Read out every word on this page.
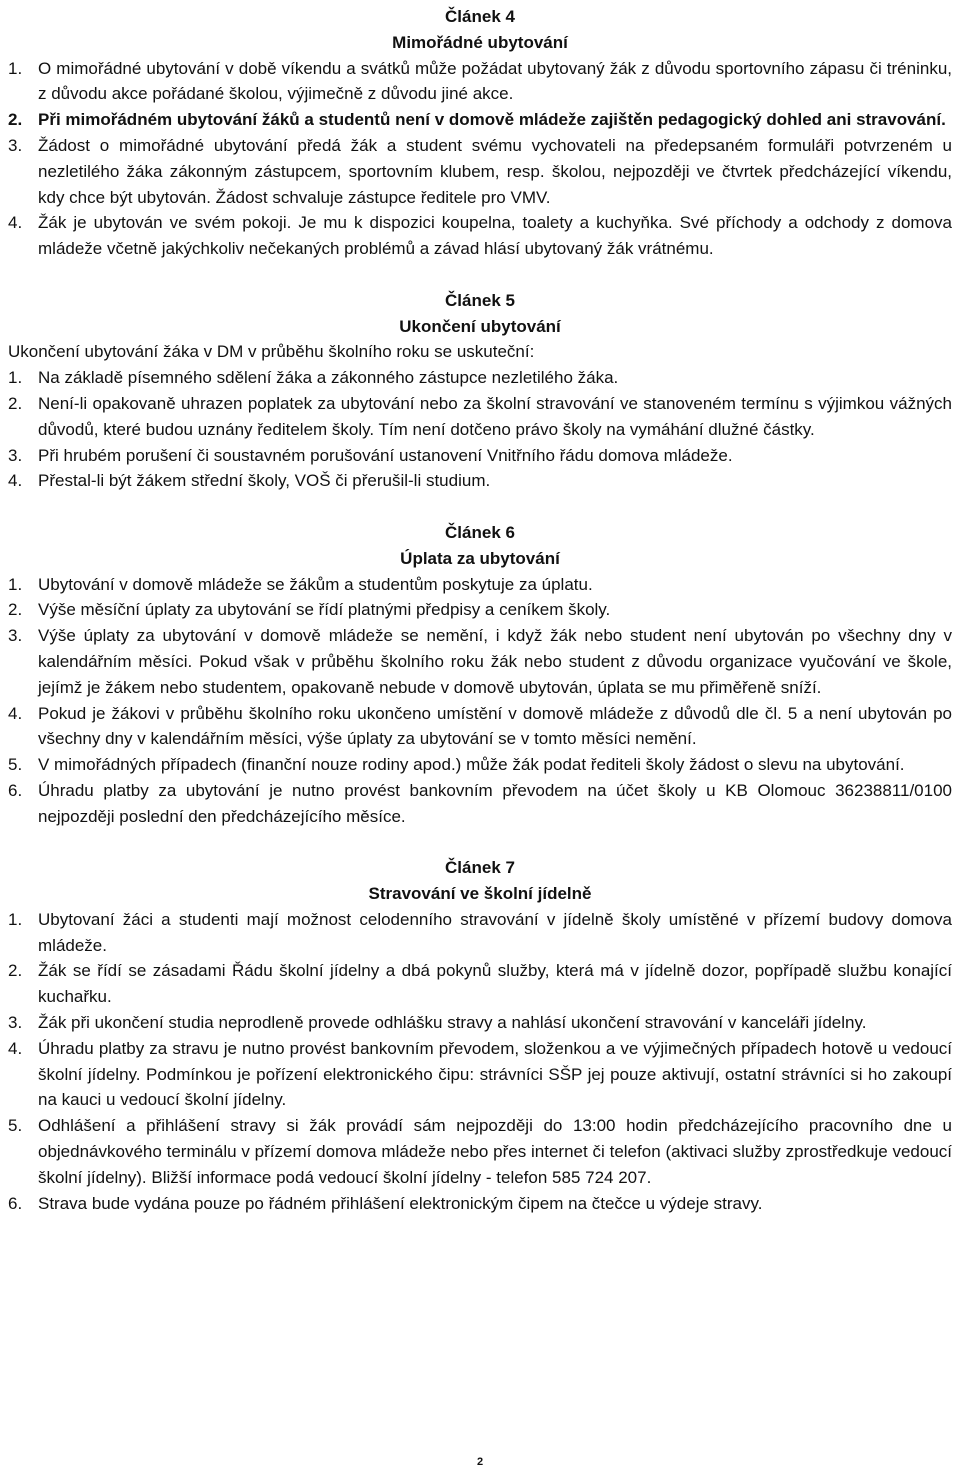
Článek 4
Mimořádné ubytování
1. O mimořádné ubytování v době víkendu a svátků může požádat ubytovaný žák z důvodu sportovního zápasu či tréninku, z důvodu akce pořádané školou, výjimečně z důvodu jiné akce.
2. Při mimořádném ubytování žáků a studentů není v domově mládeže zajištěn pedagogický dohled ani stravování.
3. Žádost o mimořádné ubytování předá žák a student svému vychovateli na předepsaném formuláři potvrzeném u nezletilého žáka zákonným zástupcem, sportovním klubem, resp. školou, nejpozději ve čtvrtek předcházející víkendu, kdy chce být ubytován. Žádost schvaluje zástupce ředitele pro VMV.
4. Žák je ubytován ve svém pokoji. Je mu k dispozici koupelna, toalety a kuchyňka. Své příchody a odchody z domova mládeže včetně jakýchkoliv nečekaných problémů a závad hlásí ubytovaný žák vrátnému.
Článek 5
Ukončení ubytování

Ukončení ubytování žáka v DM v průběhu školního roku se uskuteční:

1. Na základě písemného sdělení žáka a zákonného zástupce nezletilého žáka.
2. Není-li opakovaně uhrazen poplatek za ubytování nebo za školní stravování ve stanoveném termínu s výjimkou vážných důvodů, které budou uznány ředitelem školy. Tím není dotčeno právo školy na vymáhání dlužné částky.
3. Při hrubém porušení či soustavném porušování ustanovení Vnitřního řádu domova mládeže.
4. Přestal-li být žákem střední školy, VOŠ či přerušil-li studium.
Článek 6
Úplata za ubytování
1. Ubytování v domově mládeže se žákům a studentům poskytuje za úplatu.
2. Výše měsíční úplaty za ubytování se řídí platnými předpisy a ceníkem školy.
3. Výše úplaty za ubytování v domově mládeže se nemění, i když žák nebo student není ubytován po všechny dny v kalendářním měsíci. Pokud však v průběhu školního roku žák nebo student z důvodu organizace vyučování ve škole, jejímž je žákem nebo studentem, opakovaně nebude v domově ubytován, úplata se mu přiměřeně sníží.
4. Pokud je žákovi v průběhu školního roku ukončeno umístění v domově mládeže z důvodů dle čl. 5 a není ubytován po všechny dny v kalendářním měsíci, výše úplaty za ubytování se v tomto měsíci nemění.
5. V mimořádných případech (finanční nouze rodiny apod.) může žák podat řediteli školy žádost o slevu na ubytování.
6. Úhradu platby za ubytování je nutno provést bankovním převodem na účet školy u KB Olomouc 36238811/0100 nejpozději poslední den předcházejícího měsíce.
Článek 7
Stravování ve školní jídelně
1. Ubytovaní žáci a studenti mají možnost celodenního stravování v jídelně školy umístěné v přízemí budovy domova mládeže.
2. Žák se řídí se zásadami Řádu školní jídelny a dbá pokynů služby, která má v jídelně dozor, popřípadě službu konající kuchařku.
3. Žák při ukončení studia neprodleně provede odhlášku stravy a nahlásí ukončení stravování v kanceláři jídelny.
4. Úhradu platby za stravu je nutno provést bankovním převodem, složenkou a ve výjimečných případech hotově u vedoucí školní jídelny. Podmínkou je pořízení elektronického čipu: strávníci SŠP jej pouze aktivují, ostatní strávníci si ho zakoupí na kauci u vedoucí školní jídelny.
5. Odhlášení a přihlášení stravy si žák provádí sám nejpozději do 13:00 hodin předcházejícího pracovního dne u objednávkového terminálu v přízemí domova mládeže nebo přes internet či telefon (aktivaci služby zprostředkuje vedoucí školní jídelny). Bližší informace podá vedoucí školní jídelny - telefon 585 724 207.
6. Strava bude vydána pouze po řádném přihlášení elektronickým čipem na čtečce u výdeje stravy.
2
